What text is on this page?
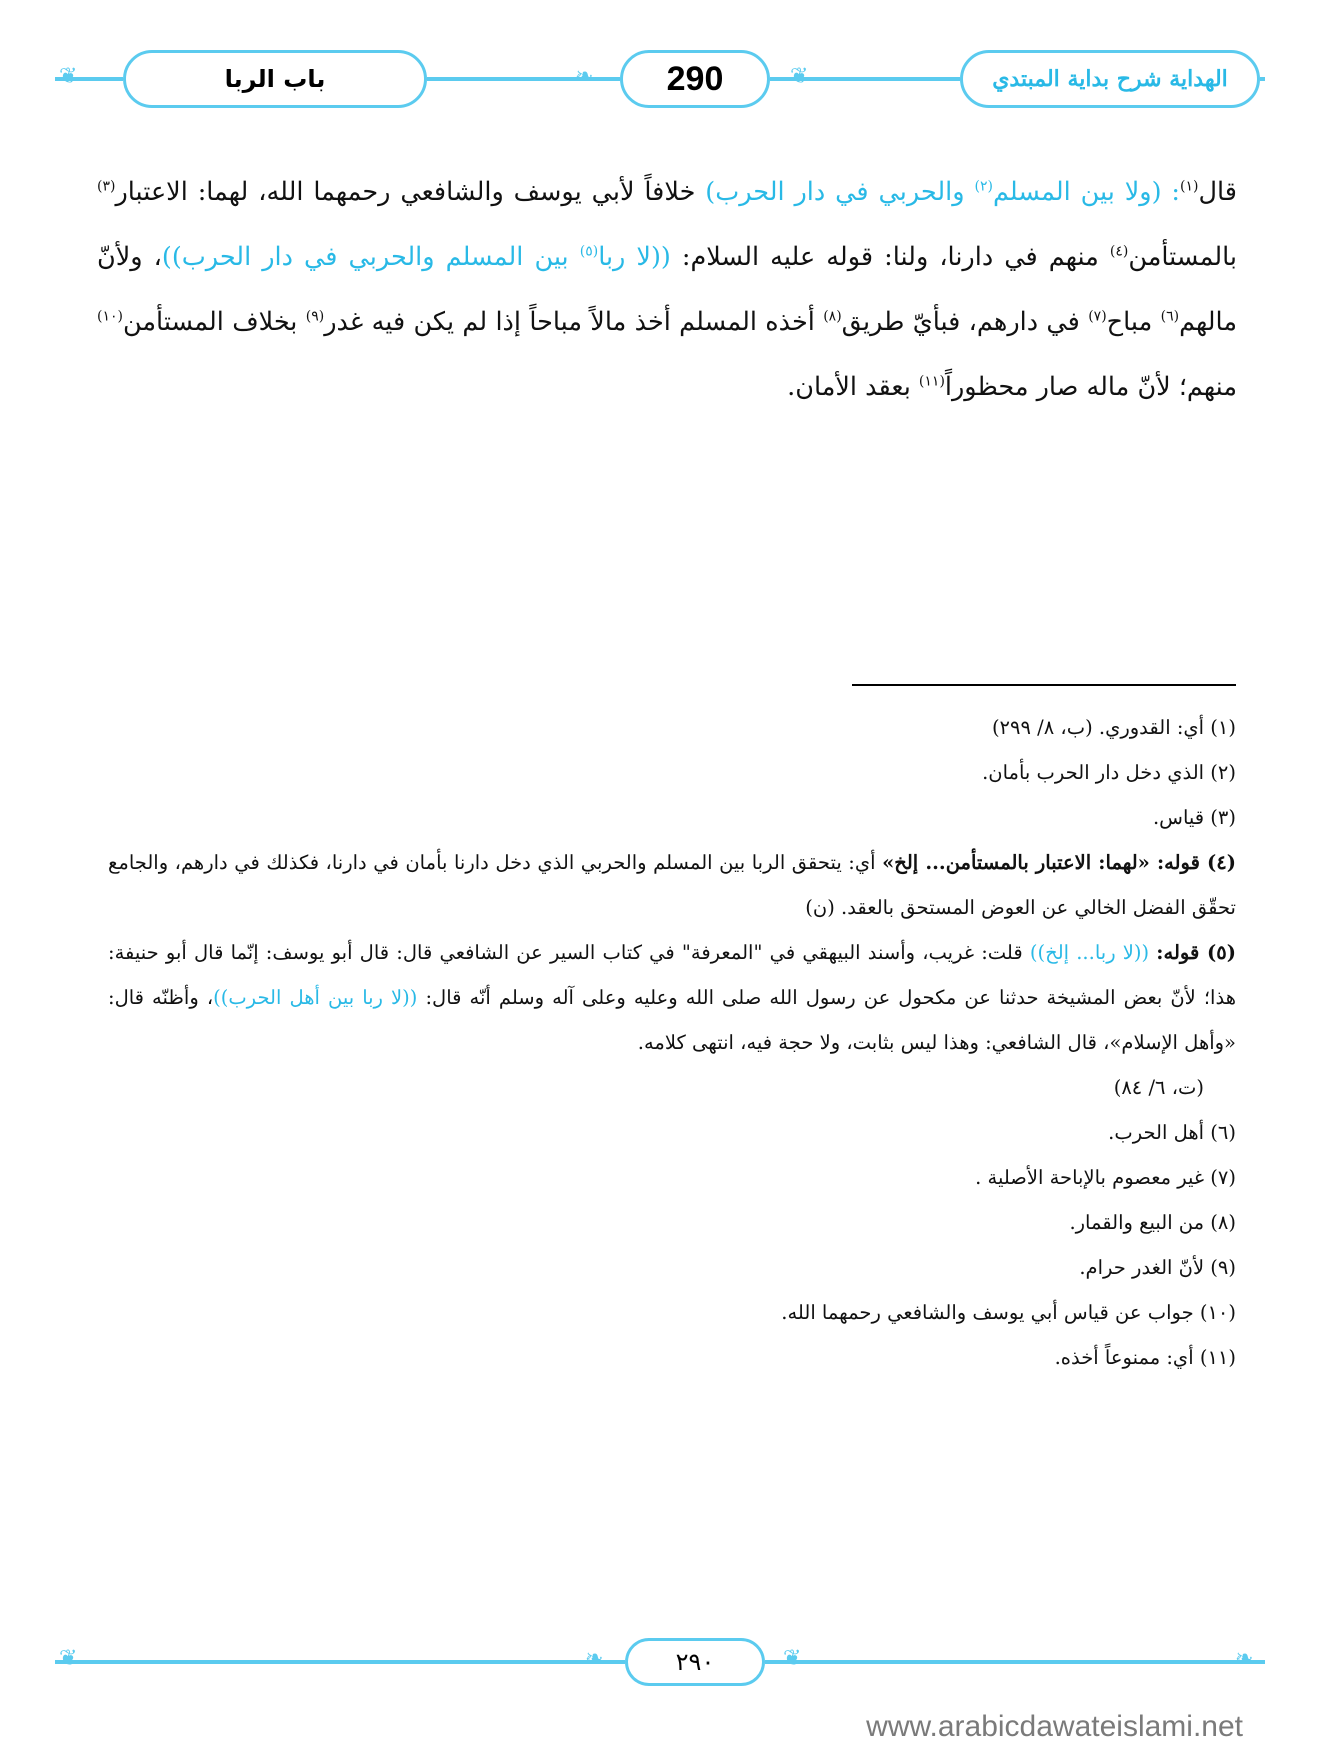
❦	❧	❦
باب الربا	290	الهداية شرح بداية المبتدي
قال$^{(١)}$: (ولا بين المسلم$^{(٢)}$ والحربي في دار الحرب) خلافاً لأبي يوسف والشافعي رحمهما الله، لهما: الاعتبار$^{(٣)}$ بالمستأمن$^{(٤)}$ منهم في دارنا، ولنا: قوله عليه السلام: ((لا ربا$^{(٥)}$ بين المسلم والحربي في دار الحرب))، ولأنّ مالهم$^{(٦)}$ مباح$^{(٧)}$ في دارهم، فبأيّ طريق$^{(٨)}$ أخذه المسلم أخذ مالاً مباحاً إذا لم يكن فيه غدر$^{(٩)}$ بخلاف المستأمن$^{(١٠)}$ منهم؛ لأنّ ماله صار محظوراً$^{(١١)}$ بعقد الأمان.

(١) أي: القدوري. (ب، ٨/ ٢٩٩)

(٢) الذي دخل دار الحرب بأمان.

(٣) قياس.

(٤) قوله: «لهما: الاعتبار بالمستأمن... إلخ» أي: يتحقق الربا بين المسلم والحربي الذي دخل دارنا بأمان في دارنا، فكذلك في دارهم، والجامع تحقّق الفضل الخالي عن العوض المستحق بالعقد. (ن)

(٥) قوله: ((لا ربا... إلخ)) قلت: غريب، وأسند البيهقي في "المعرفة" في كتاب السير عن الشافعي قال: قال أبو يوسف: إنّما قال أبو حنيفة: هذا؛ لأنّ بعض المشيخة حدثنا عن مكحول عن رسول الله صلى الله وعليه وعلى آله وسلم أنّه قال: ((لا ربا بين أهل الحرب))، وأظنّه قال: «وأهل الإسلام»، قال الشافعي: وهذا ليس بثابت، ولا حجة فيه، انتهى كلامه.

(ت، ٦/ ٨٤)

(٦) أهل الحرب.

(٧) غير معصوم بالإباحة الأصلية .

(٨) من البيع والقمار.

(٩) لأنّ الغدر حرام.

(١٠) جواب عن قياس أبي يوسف والشافعي رحمهما الله.

(١١) أي: ممنوعاً أخذه.

❦	❧	❦	❧
٢٩٠
www.arabicdawateislami.net
